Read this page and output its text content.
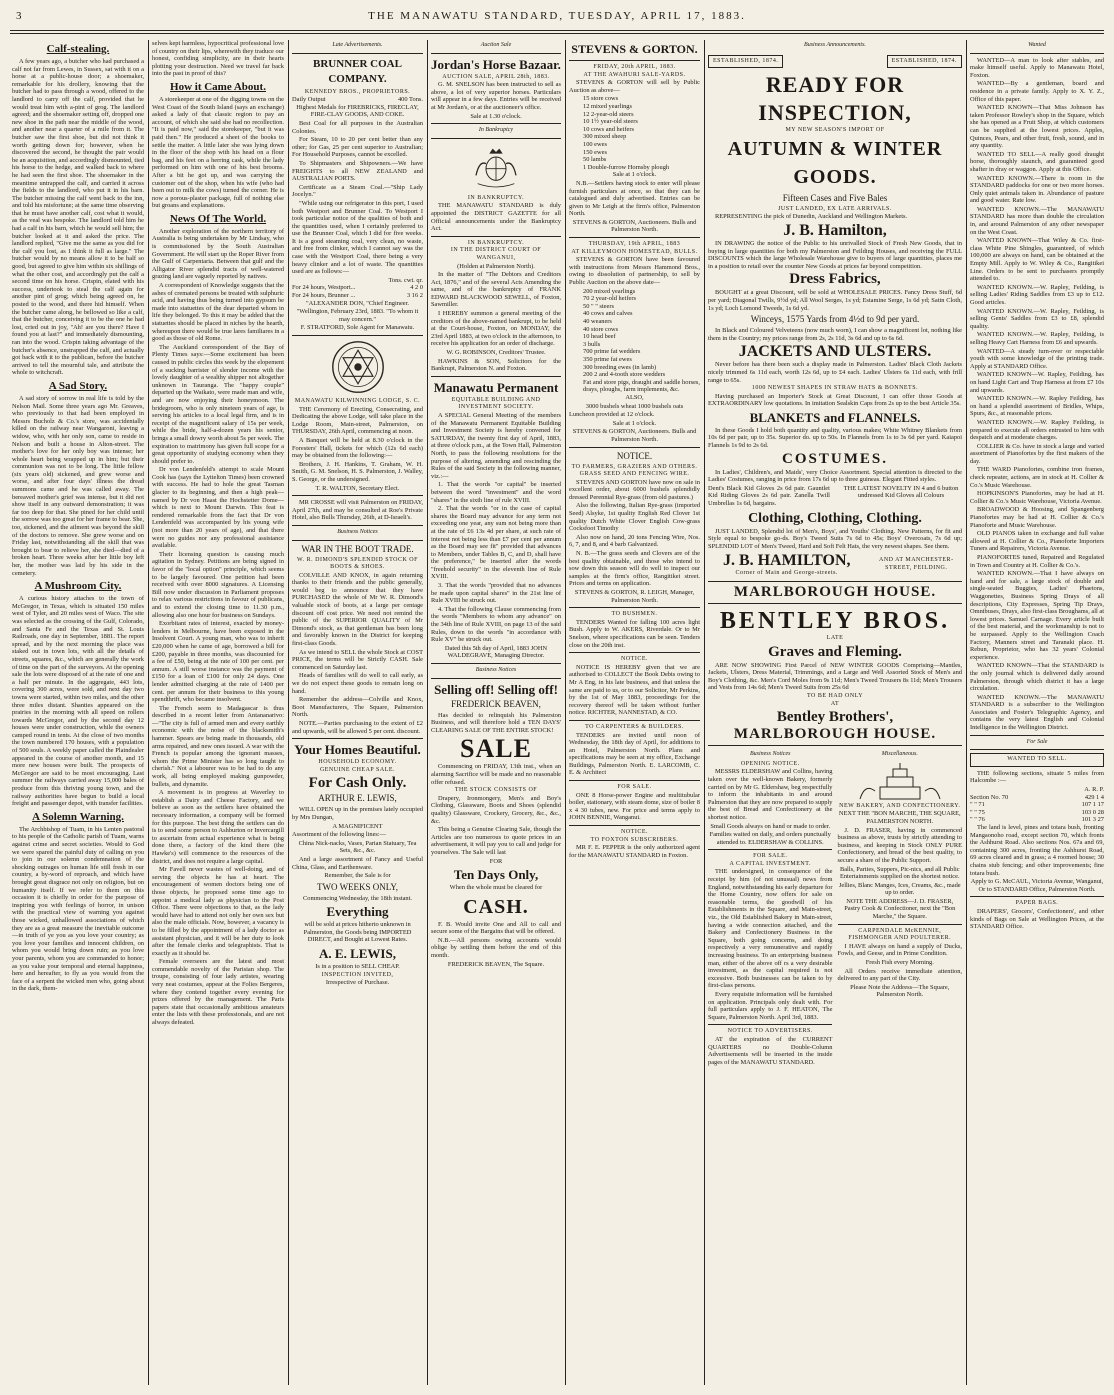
3	THE MANAWATU STANDARD, TUESDAY, APRIL 17, 1883.
Calf-stealing.

A few years ago, a butcher who had purchased a calf not far from Lewes, in Sussex, sat with it on a horse at a public-house door; a shoemaker, remarkable for his drollery, knowing that the butcher had to pass through a wood, offered to the landlord to carry off the calf, provided that he would treat him with a-pint of grog. The landlord agreed; and the shoemaker setting off, dropped one new shoe in the path near the middle of the wood, and another near a quarter of a mile from it. The butcher saw the first shoe, but did not think it worth getting down for; however, when he discovered the second, he thought the pair would be an acquisition, and accordingly dismounted, tied his horse to the hedge, and walked back to where he had seen the first shoe. The shoemaker in the meantime untrapped the calf, and carried it across the fields to the landlord, who put it in his barn. The butcher missing the calf went back to the inn, and told his misfortune; at the same time observing that he must have another calf, cost what it would, as the veal was bespoke. The landlord told him he had a calf in his barn, which he would sell him; the butcher looked at it and asked the price. The landlord replied, "Give me the same as you did for the calf you lost, as I think it full as large." The butcher would by no means allow it to be half so good, but agreed to give him within six shillings of what the other cost, and accordingly put the calf a second time on his horse. Crispin, elated with his success, undertook to steal the calf again for another pint of grog; which being agreed on, he posted to the wood, and there hid himself. When the butcher came along, he bellowed so like a calf, that the butcher, conceiving it to be the one he had lost, cried out in joy, "Ah! are you there? Have I found you at last?" and immediately dismounting, ran into the wood. Crispin taking advantage of the butcher's absence, unstrapped the calf, and actually got back with it to the publican, before the butcher arrived to tell the mournful tale, and attribute the whole to witchcraft.

A Sad Story.

A sad story of sorrow in real life is told by the Nelson Mail. Some three years ago Mr. Greaves, who previously to that had been employed in Messrs Bucholz & Co.'s store, was accidentally killed on the railway near Wangaroni, leaving a widow, who, with her only son, came to reside in Nelson and built a house in Alton-street. The mother's love for her only boy was intense; her whole heart being wrapped up in him; but their communion was not to be long. The little fellow (six years old) sickened, and grew worse and worse, and after four days' illness the dread summons came and he was called away. The bereaved mother's grief was intense, but it did not show itself in any outward demonstration; it was far too deep for that. She pined for her child until the sorrow was too great for her frame to bear. She, too, sickened, and the ailment was beyond the skill of the doctors to remove. She grew worse and on Friday last, notwithstanding all the skill that was brought to bear to relieve her, she died—died of a broken heart. Three weeks after her little boy left her, the mother was laid by his side in the cemetery.

A Mushroom City.

A curious history attaches to the town of McGregor, in Texas, which is situated 150 miles west of Tyler, and 20 miles west of Waco. The site was selected as the crossing of the Gulf, Colorado, and Santa Fe and the Texas and St. Louis Railroads, one day in September, 1881. The report spread, and by the next morning the place was staked out in town lots, with all the details of streets, squares, &c., which are generally the work of time on the part of the surveyors. At the opening sale the lots were disposed of at the rate of one and a half per minute. In the aggregate, 443 lots, covering 300 acres, were sold, and next day two towns were started, within two miles, and the other three miles distant. Shanties appeared on the prairies in the morning with all speed on rollers towards McGregor, and by the second day 12 houses were under construction, while the owners camped round in tents. At the close of two months the town numbered 170 houses, with a population of 500 souls. A weekly paper called the Plaindealer appeared in the course of another month, and 15 more new houses were built. The prospects of McGregor are said to be most encouraging. Last summer the railways carried away 15,000 bales of produce from this thriving young town, and the railway authorities have begun to build a local freight and passenger depot, with transfer facilities.

A Solemn Warning.

The Archbishop of Tuam, in his Lenten pastoral to his people of the Catholic parish of Tuam, warns against crime and secret societies. Would to God we were spared the painful duty of calling on you to join in our solemn condemnation of the shocking outrages on human life still fresh in our country, a by-word of reproach, and which have brought great disgrace not only on religion, but on humanity itself. If we refer to them on this occasion it is chiefly in order for the purpose of inspiring you with feelings of horror, in unison with the practical view of warning you against those wicked, unhallowed associations of which they are as a great measure the inevitable outcome—in truth of ye you as you love your country; as you love your families and innocent children, on whom you would bring down ruin; as you love your parents, whom you are commanded to honor; as you value your temporal and eternal happiness, here and hereafter, to fly as you would from the face of a serpent the wicked men who, going about in the dark, them-

selves kept harmless, hypocritical professional love of country on their lips, wherewith they traduce our honest, confiding simplicity, are in their hearts plotting your destruction. Need we travel far back into the past in proof of this?

How it Came About.

A storekeeper at one of the digging towns on the West Coast of the South Island (says an exchange) asked a lady of that classic region to pay an account, of which she said she had no recollection. "It is paid now," said the storekeeper, "but it was paid then." He produced a sheet of the books to settle the matter. A little later she was lying down in the floor of the shop with his head on a flour bag, and his feet on a herring cask, while the lady performed on him with one of his best brooms. After a bit he got up, and was carrying the customer out of the shop, when his wife (who had been out to milk the cows) turned the corner. He is now a porous-plaster package, full of nothing else but groans and explanations.

News Of The World.

Another exploration of the northern territory of Australia is being undertaken by Mr Lindsay, who is commissioned by the South Australian Government. He will start up the Roper River from the Gulf of Carpentaria. Between that gulf and the Alligator River splendid tracts of well-watered grazing land are vaguely reported by natives.

A correspondent of Knowledge suggests that the ashes of cremated persons be treated with sulphuric acid, and having thus being turned into gypsum be made into statuettes of the dear departed whom in life they belonged. To this it may be added that the statuettes should be placed in niches by the hearth, whereupon there would be true lares familiares in a good as those of old Rome.

The Auckland correspondent of the Bay of Plenty Times says:—Some excitement has been caused in public circles this week by the elopement of a sucking barrister of slender income with the lovely daughter of a wealthy shipper not altogether unknown in Tauranga. The "happy couple" departed up the Waikato, were made man and wife, and are now enjoying their honeymoon. The bridegroom, who is only nineteen years of age, is serving his articles to a local legal firm, and is in receipt of the magnificent salary of 15s per week, while the bride, half-a-dozen years his senior, brings a small dowry worth about 5s per week. The expiration to matrimony has given full scope for a great opportunity of studying economy when they should prefer to.

Dr von Lendenfeld's attempt to scale Mount Cook has (says the Lyttelton Times) been crowned with success. He had to hole the great Tasman glacier to its beginning, and then a high peak—named by Dr von Haast the Hochstetter Dome—which is next to Mount Darwin. This feat is rendered remarkable from the fact that Dr von Lendenfeld was accompanied by his young wife (not more than 20 years of age), and that there were no guides nor any professional assistance available.

Their licensing question is causing much agitation in Sydney. Petitions are being signed in favor of the "local option" principle, which seems to be largely favoured. One petition had been received with over 8000 signatures. A Licensing Bill now under discussion in Parliament proposes to relax various restrictions in favour of publicans, and to extend the closing time to 11.30 p.m., allowing also one hour for business on Sundays.

Exorbitant rates of interest, exacted by money-lenders in Melbourne, have been exposed in the Insolvent Court. A young man, who was to inherit £20,000 when he came of age, borrowed a bill for £200, payable in three months, was discounted for a fee of £50, being at the rate of 100 per cent. per annum. A still worse instance was the payment of £150 for a loan of £100 for only 24 days. One lender admitted charging at the rate of 1400 per cent. per annum for their business to this young spendthrift, who became insolvent.

The French seem to Madagascar is thus described in a recent letter from Antananarivo:—"The city is full of armed men and every earthly economic with the noise of the blacksmith's hammer. Spears are being made in thousands, old arms repaired, and new ones issued. A war with the French is popular among the ignorant masses, whom the Prime Minister has so long taught to cherish." Not a labourer was to be had to do any work, all being employed making gunpowder, bullets, and dynamite.

A movement is in progress at Waverley to establish a Dairy and Cheese Factory, and we believe as soon as the settlers have obtained the necessary information, a company will be formed for this purpose. The best thing the settlers can do is to send some person to Ashburton or Invercargill to ascertain from actual experience what is being done there, a factory of the kind there (the Hawke's) will commence to the resources of the district, and does not require a large capital.

Mr Favell never wastes of well-doing, and of serving the objects he has at heart. The encouragement of women doctors being one of those objects, he proposed some time ago to appoint a medical lady as physician to the Post Office. There were objections to that, as the lady would have had to attend not only her own sex but also the male officials. Now, however, a vacancy is to be filled by the appointment of a lady doctor as assistant physician, and it will be her duty to look after the female clerks and telegraphists. That is exactly as it should be.

Female overseers are the latest and most commendable novelty of the Parisian shop. The troupe, consisting of four lady artistes, wearing very neat costumes, appear at the Folies Bergeres, where they contend together every evening for prizes offered by the management. The Paris papers state that occasionally ambitious amateurs enter the lists with these professionals, and are not always defeated.

Late Advertisements.
BRUNNER COAL COMPANY.
KENNEDY BROS., PROPRIETORS.
Daily Output	400 Tons.

Highest Medals for FIREBRICKS, FIRECLAY, FIRE-CLAY GOODS, AND COKE.

Best Coal for all purposes in the Australian Colonies.

For Steam, 10 to 20 per cent better than any other; for Gas, 25 per cent superior to Australian; For Household Purposes, cannot be excelled.

To Shipmasters and Shipowners.—We have FREIGHTS to all NEW ZEALAND and AUSTRALIAN PORTS.

Certificate as a Steam Coal.—"Ship Lady Jocelyn."

"While using our refrigerator in this port, I used both Westport and Brunner Coal. To Westport I took particular notice of the qualities of both and the quantities used, when I certainly preferred to use the Brunner Coal, which I did for five weeks. It is a good steaming coal, very clean, no waste, and free from clinker, which I cannot say was the case with the Westport Coal, there being a very heavy clinker and a lot of waste. The quantities used are as follows:—

Tons. cwt. qr.
For 24 hours, Westport...	4 2 0
For 24 hours, Brunner ...	3 16 2

"ALEXANDER DON, "Chief Engineer.

"Wellington, February 23rd, 1883. "To whom it may concern."

F. STRATFORD, Sole Agent for Manawatu.

MANAWATU KILWINNING LODGE, S. C.

THE Ceremony of Erecting, Consecrating, and Dedicating the above Lodge, will take place in the Lodge Room, Main-street, Palmerston, on THURSDAY, 26th April, commencing at noon.

A Banquet will be held at 8.30 o'clock in the Foresters' Hall, tickets for which (12s 6d each) may be obtained from the following:—

Brothers, J. H. Hankins, T. Graham, W. H. Smith, G. M. Snelson, H. S. Palmerston, J. Walley, S. George, or the undersigned.

T. R. WALTON, Secretary Elect.

MR CROSSE will visit Palmerston on FRIDAY, April 27th, and may be consulted at Roe's Private Hotel, also Bulls Thursday, 26th, at D-Israeli's.

Business Notices
WAR IN THE BOOT TRADE.
W. R. DIMOND'S SPLENDID STOCK OF BOOTS & SHOES.

COLVILLE AND KNOX, in again returning thanks to their friends and the public generally, would beg to announce that they have PURCHASED the whole of Mr W. R. Dimond's valuable stock of boots, at a large per centage discount off cost price. We need not remind the public of the SUPERIOR QUALITY of Mr Dimond's stock, as that gentleman has been long and favorably known in the District for keeping first-class Goods.

As we intend to SELL the whole Stock at COST PRICE, the terms will be Strictly CASH. Sale commenced on Saturday last.

Heads of families will do well to call early, as we do not expect these goods to remain long on hand.

Remember the address—Colville and Knox, Boot Manufacturers, The Square, Palmerston North.

NOTE.—Parties purchasing to the extent of £2 and upwards, will be allowed 5 per cent. discount.

Your Homes Beautiful.
HOUSEHOLD ECONOMY.
GENUINE CHEAP SALE.
For Cash Only.
ARTHUR E. LEWIS,

WILL OPEN up in the premises lately occupied by Mrs Dungan,

A MAGNIFICENT

Assortment of the following lines:—

China Nick-nacks, Vases, Parian Statuary, Tea Sets, &c., &c.

And a large assortment of Fancy and Useful China, Glass, and Earthenware.

Remember, the Sale is for

TWO WEEKS ONLY,

Commencing Wednesday, the 18th instant.

Everything

will be sold at prices hitherto unknown in Palmerston, the Goods being IMPORTED DIRECT, and Bought at Lowest Rates.

A. E. LEWIS,

Is in a position to SELL CHEAP.

INSPECTION INVITED,

Irrespective of Purchase.

Auction Sale
Jordan's Horse Bazaar.
AUCTION SALE, APRIL 28th, 1883.

G. M. SNELSON has been instructed to sell as above, a lot of very superior horses. Particulars will appear in a few days. Entries will be received at Mr Jordan's, or at the auctioneer's office.

Sale at 1.30 o'clock.

In Bankruptcy
IN BANKRUPTCY.

THE MANAWATU STANDARD is duly appointed the DISTRICT GAZETTE for all Official announcements under the Bankruptcy Act.

IN BANKRUPTCY.
IN THE DISTRICT COURT OF WANGANUI,

(Holden at Palmerston North).

In the matter of "The Debtors and Creditors Act, 1876," and of the several Acts Amending the same, and of the bankruptcy of FRANK EDWARD BLACKWOOD SEWELL, of Foxton, Sawmiller.

I HEREBY summon a general meeting of the creditors of the above-named bankrupt, to be held at the Court-house, Foxton, on MONDAY, the 23rd April 1883, at two o'clock in the afternoon, to receive his application for an order of discharge.

W. G. ROBINSON, Creditors' Trustee.

HAWKINS & SON, Solicitors for the Bankrupt, Palmerston N. and Foxton.

Manawatu Permanent
EQUITABLE BUILDING AND INVESTMENT SOCIETY.

A SPECIAL General Meeting of the members of the Manawatu Permanent Equitable Building and Investment Society is hereby convened for SATURDAY, the twenty first day of April, 1883, at three o'clock p.m., at the Town Hall, Palmerston North, to pass the following resolutions for the purpose of altering, amending and rescinding the Rules of the said Society in the following manner, viz.:—

1. That the words "or capital" be inserted between the word "investment" and the word "shares" in the sixth line of rule XVIII.

2. That the words "or in the case of capital shares the Board may advance for any term not exceeding one year, any sum not being more than at the rate of £6 13s 4d per share, at such rate of interest not being less than £7 per cent per annum as the Board may see fit" provided that advances to Members, under Tables B, C, and D, shall have the preference," be inserted after the words "freehold security" in the eleventh line of Rule XVIII.

3. That the words "provided that no advances be made upon capital shares" in the 21st line of Rule XVIII be struck out.

4. That the following Clause commencing from the words "Members to whom any advance" on the 34th line of Rule XVIII, on page 13 of the said Rules, down to the words "in accordance with Rule XV" be struck out.

Dated this 5th day of April, 1883 JOHN WALDEGRAVE, Managing Director.

Business Notices
Selling off! Selling off!
FREDERICK BEAVEN,

Has decided to relinquish his Palmerston Business, and will therefore hold a TEN DAYS' CLEARING SALE OF THE ENTIRE STOCK!

SALE

Commencing on FRIDAY, 13th inst., when an alarming Sacrifice will be made and no reasonable offer refused.

THE STOCK CONSISTS OF

Drapery, Ironmongery, Men's and Boy's Clothing, Glassware, Boots and Shoes (splendid quality) Glassware, Crockery, Grocery, &c., &c., &c.

This being a Genuine Clearing Sale, though the Articles are too numerous to quote prices in an advertisement, it will pay you to call and judge for yourselves. The Sale will last

FOR

Ten Days Only,

When the whole must be cleared for

CASH.

F. B. Would invite One and All to call and secure some of the Bargains that will be offered.

N.B.—All persons owing accounts would oblige by settling them before the end of this month.

FREDERICK BEAVEN, The Square.

STEVENS & GORTON.
FRIDAY, 20th APRIL, 1883.
AT THE AWAHURI SALE-YARDS.

STEVENS & GORTON will sell by Public Auction as above—

15 store cows
12 mixed yearlings
12 2-year-old steers
10 1½ year-old steers
10 cows and heifers
300 mixed sheep
100 ewes
150 ewes
50 lambs
1 Double-furrow Hornsby plough

Sale at 1 o'clock.

N.B.—Settlers having stock to enter will please furnish particulars at once, so that they can be catalogued and duly advertised. Entries can be given to Mr Leigh at the firm's office, Palmerston North.

STEVENS & GORTON, Auctioneers. Bulls and Palmerston North.

THURSDAY, 19th APRIL, 1883
AT KILLEYMOON HOMESTEAD, BULLS.

STEVENS & GORTON have been favoured with instructions from Messrs Hammond Bros., owing to dissolution of partnership, to sell by Public Auction on the above date—

200 mixed yearlings
70 2 year-old heifers
50 " " steers
40 cows and calves
40 weaners
40 store cows
10 head beef
3 bulls
700 prime fat wedders
350 prime fat ewes
300 breeding ewes (in lamb)
200 2 and 4-tooth store wedders
Fat and store pigs, draught and saddle horses, drays, ploughs, farm implements, &c.

ALSO,

3000 bushels wheat 1000 bushels oats

Luncheon provided at 12 o'clock.

Sale at 1 o'clock.

STEVENS & GORTON, Auctioneers. Bulls and Palmerston North.

NOTICE.
TO FARMERS, GRAZIERS AND OTHERS.
GRASS SEED AND FENCING WIRE.

STEVENS AND GORTON have now on sale in excellent order, about 6000 bushels splendidly dressed Perennial Rye-grass (from old pastures.)

Also the following, Italian Rye-grass (imported Seed) Alsyke, 1st quality English Red Clover 1st quality Dutch White Clover English Cow-grass Cocksfoot Timothy

Also now on hand, 20 tons Fencing Wire, Nos. 6, 7, and 8, and 4 barb Galvanized.

N. B.—The grass seeds and Clovers are of the best quality obtainable, and those who intend to sow down this season will do well to inspect our samples at the firm's office, Rangitikei street. Prices and terms on application.

STEVENS & GORTON, R. LEIGH, Manager, Palmerston North.

TO BUSHMEN.

TENDERS Wanted for falling 100 acres light Bush. Apply to W. AKERS, Riverdale. Or to Mr Snelson, where specifications can be seen. Tenders close on the 20th inst.

NOTICE.

NOTICE IS HEREBY given that we are authorised to COLLECT the Book Debts owing to Mr A Eng, in his late business, and that unless the same are paid to us, or to our Solicitor, Mr Perkins, by the 1st of May 1883, proceedings for the recovery thereof will be taken without further notice. RICHTER, NANNESTAD, & CO.

TO CARPENTERS & BUILDERS.

TENDERS are invited until noon of Wednesday, the 18th day of April, for additions to an Hotel, Palmerston North. Plans and specifications may be seen at my office, Exchange Buildings, Palmerston North. E. LARCOMB, C. E. & Architect

FOR SALE.

ONE 8 Horse-power Engine and multitubular boiler, stationary, with steam dome, size of boiler 8 x 4 30 tubes, new. For price and terms apply to JOHN BENNIE, Wanganui.

NOTICE.
TO FOXTON SUBSCRIBERS.

MR F. E. PEPPER is the only authorized agent for the MANAWATU STANDARD in Foxton.

Business Announcements.
ESTABLISHED, 1874.	ESTABLISHED, 1874.
READY FOR INSPECTION,
MY NEW SEASON'S IMPORT OF
AUTUMN & WINTER GOODS.
Fifteen Cases and Five Bales
JUST LANDED, EX LATE ARRIVALS.

REPRESENTING the pick of Dunedin, Auckland and Wellington Markets.

J. B. Hamilton,

IN DRAWING the notice of the Public to his unrivalled Stock of Fresh New Goods, that in buying in large quantities for both my Palmerston and Feilding Houses, and receiving the FULL DISCOUNTS which the large Wholesale Warehouse give to buyers of large quantities, places me in a position to retail over the counter New Goods at prices far beyond competition.

Dress Fabrics,

BOUGHT at a great Discount, will be sold at WHOLESALE PRICES. Fancy Dress Stuff, 6d per yard; Diagonal Twills, 9½d yd; All Wool Serges, 1s yd; Estamine Serge, 1s 6d yd; Satin Cloth, 1s yd; Loch Lomond Tweeds, 1s 6d yd.

Winceys, 1575 Yards from 4½d to 9d per yard.

In Black and Coloured Velveteens (now much worn), I can show a magnificent lot, nothing like them in the Country; my prices range from 2s, 2s 11d, 3s 6d and up to 6s 6d.

JACKETS AND ULSTERS.

Never before has there been such a display made in Palmerston. Ladies' Black Cloth Jackets nicely trimmed 6s 11d each, worth 12s 6d, up to £4 each. Ladies' Ulsters 6s 11d each, with frill range to 65s.

1000 NEWEST SHAPES IN STRAW HATS & BONNETS.

Having purchased an Importer's Stock at Great Discount, I can offer those Goods at EXTRAORDINARY low quotations. In imitation Sealskin Caps from 2s up to the best Article 35s.

BLANKETS and FLANNELS.

In these Goods I hold both quantity and quality, various makes; White Whitney Blankets from 10s 6d per pair, up to 35s. Superior do. up to 50s. In Flannels from 1s to 3s 6d per yard. Kaiapoi Flannels 1s 9d to 2s 6d.

COSTUMES.

In Ladies', Children's, and Maids', very Choice Assortment. Special attention is directed to the Ladies' Costumes, ranging in price from 17s 6d up to three guineas. Elegant Fitted styles.

Dent's Black Kid Gloves 2s 6d pair. Gauntlet Kid Riding Gloves 2s 6d pair. Zanella Twill Umbrellas 1s 6d, bargains.

THE LATEST NOVELTY IN 4 and 6 button undressed Kid Gloves all Colours

Clothing, Clothing, Clothing.

JUST LANDED, Splendid lot of Men's, Boys', and Youths' Clothing. New Patterns, for fit and Style equal to bespoke go-ds. Boy's Tweed Suits 7s 6d to 45s; Boys' Overcoats, 7s 6d up; SPLENDID LOT of Men's Tweed, Hard and Soft Felt Hats, the very newest shapes. See them.

J. B. HAMILTON,
Corner of Main and George-streets.
AND AT MANCHESTER-STREET, FEILDING.
MARLBOROUGH HOUSE.
BENTLEY BROS.
LATE
Graves and Fleming.

ARE NOW SHOWING First Parcel of NEW WINTER GOODS Comprising—Mantles, Jackets, Ulsters, Dress Material, Trimmings, and a Large and Well Assorted Stock of Men's and Boy's Clothing, &c. Men's Cord Moles from 9s 11d; Men's Tweed Trousers 8s 11d; Men's Trousers and Vests from 14s 6d; Men's Tweed Suits from 25s 6d

TO BE HAD ONLY
AT
Bentley Brothers',
MARLBOROUGH HOUSE.
Business Notices
OPENING NOTICE.

MESSRS ELDERSHAW and Collins, having taken over the well-known Bakery, formerly carried on by Mr G. Eldershaw, beg respectfully to inform the inhabitants in and around Palmerston that they are now prepared to supply the best of Bread and Confectionery at the shortest notice.

Small Goods always on hand or made to order.

Families waited on daily, and orders punctually attended to. ELDERSHAW & COLLINS.

FOR SALE.
A CAPITAL INVESTMENT.

THE undersigned, in consequence of the receipt by him (of not unusual) news from England, notwithstanding his early departure for the Home Country, now offers for sale on reasonable terms, the goodwill of his Establishments in the Square, and Main-street, viz., the Old Established Bakery in Main-street, having a wide connection attached, and the Bakery and Confectionery Business in the Square, both going concerns, and doing respectively a very remunerative and rapidly increasing business. To an enterprising business man, either of the above off rs a very desirable investment, as the capital required is not excessive. Both businesses can be taken to by first-class persons.

Every requisite information will be furnished on application. Principals only dealt with. For full particulars apply to J. F. HEATON, The Square, Palmerston North. April 3rd, 1883.

NOTICE TO ADVERTISERS.

AT the expiration of the CURRENT QUARTERS no Double-Column Advertisements will be inserted in the inside pages of the MANAWATU STANDARD.

Miscellaneous.
NEW BAKERY, AND CONFECTIONERY.

NEXT THE "BON MARCHE, THE SQUARE, PALMERSTON NORTH.

J. D. FRASER, having in commenced business as above, trusts by strictly attending to business, and keeping in Stock ONLY PURE Confectionery, and bread of the best quality, to secure a share of the Public Support.

Balls, Parties, Suppers, Pic-nics, and all Public Entertainments supplied on the shortest notice.

Jellies, Blanc Manges, Ices, Creams, &c., made up to order.

NOTE THE ADDRESS—J. D. FRASER, Pastry Cook & Confectioner, next the "Bon Marche," the Square.

CARPENDALE McKENNIE,
FISHMONGER AND POULTERER.

I HAVE always on hand a supply of Ducks, Fowls, and Geese, and in Prime Condition.

Fresh Fish every Morning.

All Orders receive immediate attention, delivered to any part of the City.

Please Note the Address—The Square, Palmerston North.

Wanted

WANTED—A man to look after stables, and make himself useful. Apply to Manawatu Hotel, Foxton.

WANTED—By a gentleman, board and residence in a private family. Apply to X. Y. Z., Office of this paper.

WANTED KNOWN—That Miss Johnson has taken Professor Rowley's shop in the Square, which she has opened as a Fruit Shop, at which customers can be supplied at the lowest prices. Apples, Quinces, Pears, and other fruit, fresh, sound, and in any quantity.

WANTED TO SELL—A really good draught horse, thoroughly staunch, and guaranteed good shafter in dray or waggon. Apply at this Office.

WANTED KNOWN.—There is room in the STANDARD paddocks for one or two more horses. Only quiet animals taken in. Abundance of pasture and good water. Rate low.

WANTED KNOWN.—The MANAWATU STANDARD has more than double the circulation in, and around Palmerston of any other newspaper on the West Coast.

WANTED KNOWN—That Wiley & Co. first-class White Pine Shingles, guaranteed, of which 100,000 are always on hand, can be obtained at the Empty Mill. Apply to W. Wiley & Co., Rangitikei Line. Orders to be sent to purchasers promptly attended to.

WANTED KNOWN.—W. Rapley, Feilding, is selling Ladies' Riding Saddles from £3 up to £12. Good articles.

WANTED KNOWN.—W. Rapley, Feilding, is selling Gents' Saddles from £3 to £8, splendid quality.

WANTED KNOWN.—W. Rapley, Feilding, is selling Heavy Cart Harness from £6 and upwards.

WANTED—A steady turn-over or respectable youth with some knowledge of the printing trade. Apply at STANDARD Office.

WANTED KNOWN—W. Rapley, Feilding, has on hand Light Cart and Trap Harness at from £7 10s and upwards.

WANTED KNOWN.—W. Rapley Feilding, has on hand a splendid assortment of Bridles, Whips, Spurs, &c., at reasonable prices.

WANTED KNOWN.—W. Rapley Feilding, is prepared to execute all orders entrusted to him with despatch and at moderate charges.

COLLIER & Co. have in stock a large and varied assortment of Pianofortes by the first makers of the day.

THE WARD Pianofortes, combine iron frames, check repeater, actions, are in stock at H. Collier & Co.'s Music Warehouse.

HOPKINSON'S Pianofortes, may be had at H. Collier & Co.'s Music Warehouse, Victoria Avenue.

BROADWOOD & Hoosing, and Spangenberg Pianofortes may be had at H. Collier & Co.'s Pianoforte and Music Warehouse.

OLD PIANOS taken in exchange and full value allowed at H. Collier & Co., Pianoforte Importers Tuners and Repairers, Victoria Avenue.

PIANOFORTES tuned, Repaired and Regulated in Town and Country at H. Collier & Co.'s.

WANTED KNOWN.—That I have always on hand and for sale, a large stock of double and single-seated Buggies, Ladies' Phaetons, Waggonettes, Business Spring Drays of all descriptions, City Expresses, Spring Tip Drays, Omnibuses, Drays, also first-class Broughams, all at lowest prices. Samuel Carnage. Every article built of the best material, and the workmanship is not to be surpassed. Apply to the Wellington Coach Factory, Manners street and Taranaki place. H. Rebun, Proprietor, who has 32 years' Colonial experience.

WANTED KNOWN—That the STANDARD is the only journal which is delivered daily around Palmerston, through which district it has a large circulation.

WANTED KNOWN.—The MANAWATU STANDARD is a subscriber to the Wellington Associates and Foster's Telegraphic Agency, and contains the very latest English and Colonial Intelligence in the Wellington District.

For Sale
WANTED TO SELL.

THE following sections, situate 5 miles from Halcombe :—

	A. R. P.
Section No. 70	429 1 4
" " 71	107 1 17
" " 75	103 0 28
" " 76	101 3 27

The land is level, pines and totara bush, fronting Mangaonoho road, except section 70, which fronts the Ashhurst Road. Also sections Nos. 67a and 69, containing 300 acres, fronting the Ashhurst Road, 69 acres cleared and in grass; a 4 roomed house; 30 chains stub fencing; and other improvements; fine totara bush.

Apply to G. McCAUL, Victoria Avenue, Wanganui, Or to STANDARD Office, Palmerston North.

PAPER BAGS.

DRAPERS', Grocers', Confectioners', and other kinds of Bags on Sale at Wellington Prices, at the STANDARD Office.
